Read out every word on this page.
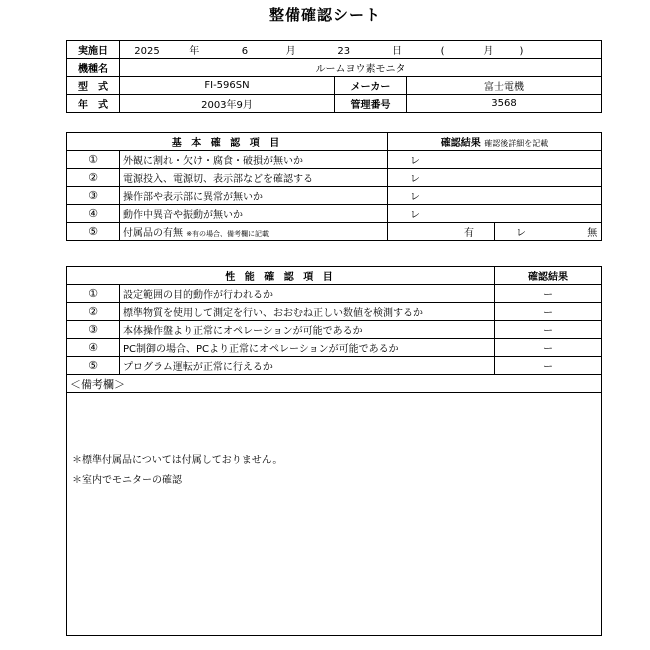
整備確認シート
実施日	2025 年 6 月 23 日 ( 月 )		
機種名	ルームヨウ素モニタ		
型　式	FI-596SN	メーカー	富士電機
年　式	2003年9月	管理番号	3568
基 本 確 認 項 目		確認結果 確認後詳細を記載	
①	外観に割れ・欠け・腐食・破損が無いか	レ	
②	電源投入、電源切、表示部などを確認する	レ	
③	操作部や表示部に異常が無いか	レ	
④	動作中異音や振動が無いか	レ	
⑤	付属品の有無 ※有の場合、備考欄に記載	有	レ 無
性 能 確 認 項 目		確認結果
①	設定範囲の目的動作が行われるか	ー
②	標準物質を使用して測定を行い、おおむね正しい数値を検測するか	ー
③	本体操作盤より正常にオペレーションが可能であるか	ー
④	PC制御の場合、PCより正常にオペレーションが可能であるか	ー
⑤	プログラム運転が正常に行えるか	ー
＜備考欄＞		

＊標準付属品については付属しておりません。
＊室内でモニターの確認		
